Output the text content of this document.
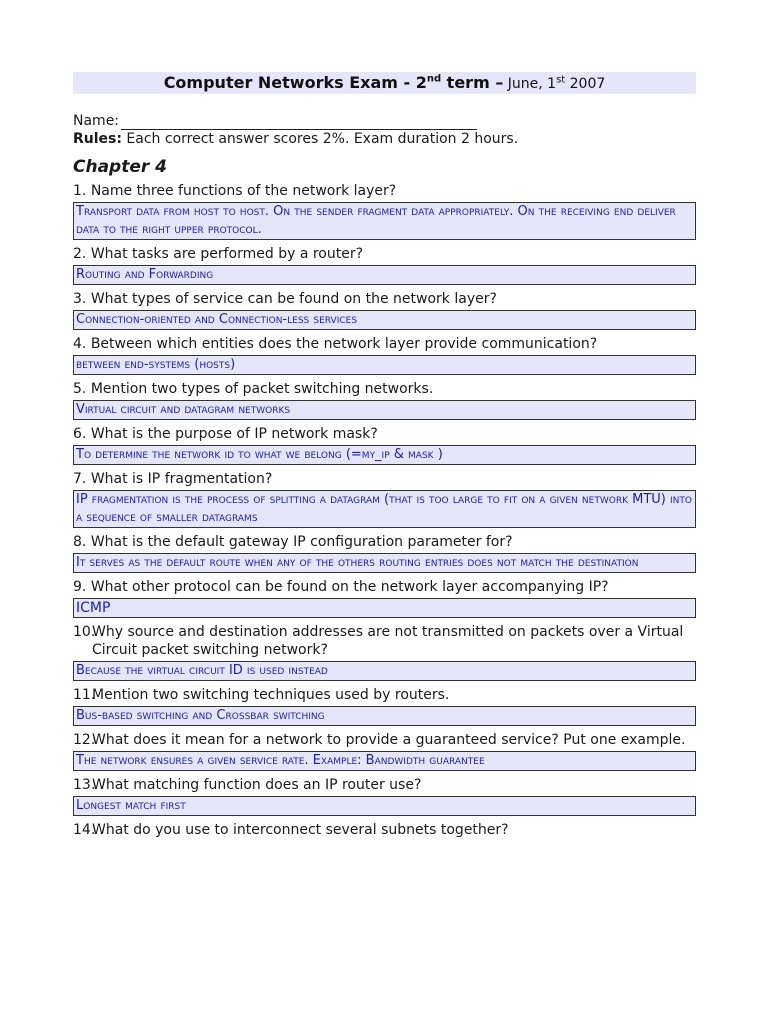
Computer Networks Exam - 2nd term – June, 1st 2007
Name:
Rules: Each correct answer scores 2%. Exam duration 2 hours.
Chapter 4
1. Name three functions of the network layer?
Transport data from host to host. On the sender fragment data appropriately. On the receiving end deliver data to the right upper protocol.
2. What tasks are performed by a router?
Routing and Forwarding
3. What types of service can be found on the network layer?
Connection-oriented and Connection-less services
4. Between which entities does the network layer provide communication?
between end-systems (hosts)
5. Mention two types of packet switching networks.
Virtual circuit and datagram networks
6. What is the purpose of IP network mask?
To determine the network id to what we belong (=my_ip & mask )
7. What is IP fragmentation?
IP fragmentation is the process of splitting a datagram (that is too large to fit on a given network MTU) into a sequence of smaller datagrams
8. What is the default gateway IP configuration parameter for?
It serves as the default route when any of the others routing entries does not match the destination
9. What other protocol can be found on the network layer accompanying IP?
ICMP
10.
Why source and destination addresses are not transmitted on packets over a Virtual Circuit packet switching network?
Because the virtual circuit ID is used instead
11.
Mention two switching techniques used by routers.
Bus-based switching and Crossbar switching
12.
What does it mean for a network to provide a guaranteed service? Put one example.
The network ensures a given service rate. Example: Bandwidth guarantee
13.
What matching function does an IP router use?
Longest match first
14.
What do you use to interconnect several subnets together?
